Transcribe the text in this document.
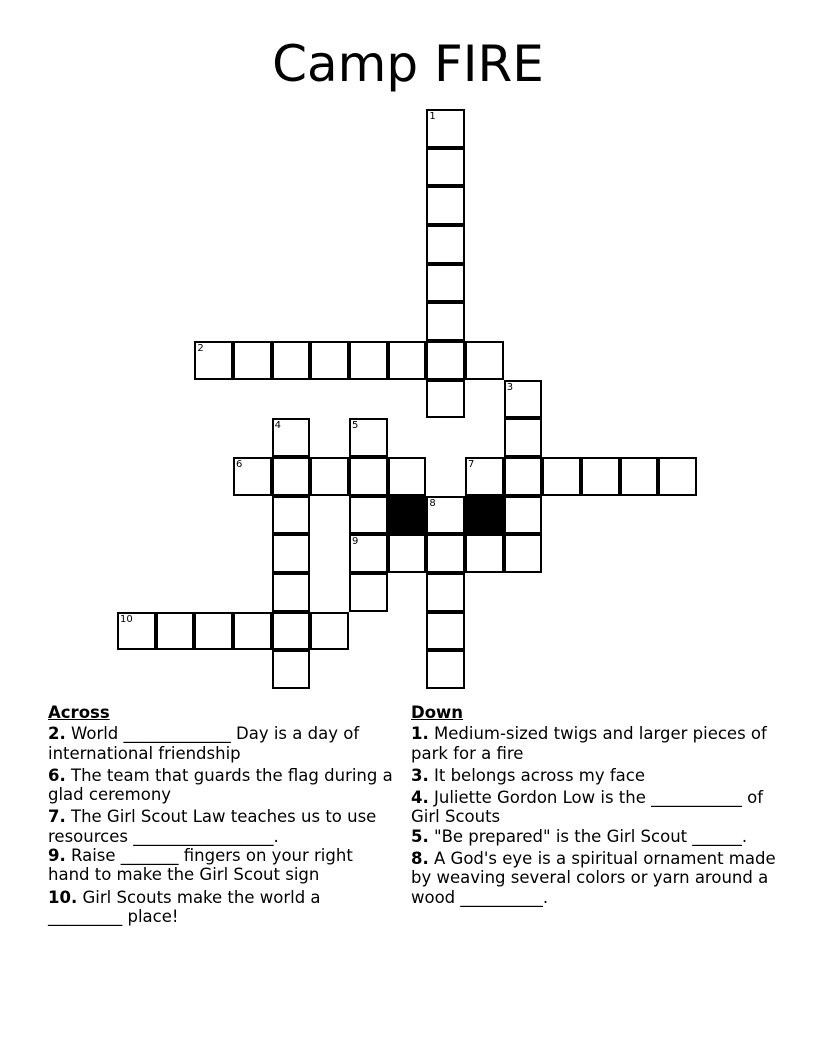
Camp FIRE
1
2
3
4	5
9
6	7
8
10
Across
2. World _____________ Day is a day of international friendship
6. The team that guards the flag during a glad ceremony
7. The Girl Scout Law teaches us to use resources _________________.
9. Raise _______ fingers on your right hand to make the Girl Scout sign
10. Girl Scouts make the world a _________ place!
Down
1. Medium-sized twigs and larger pieces of park for a fire
3. It belongs across my face
4. Juliette Gordon Low is the ___________ of Girl Scouts
5. "Be prepared" is the Girl Scout ______.
8. A God's eye is a spiritual ornament made by weaving several colors or yarn around a wood __________.
